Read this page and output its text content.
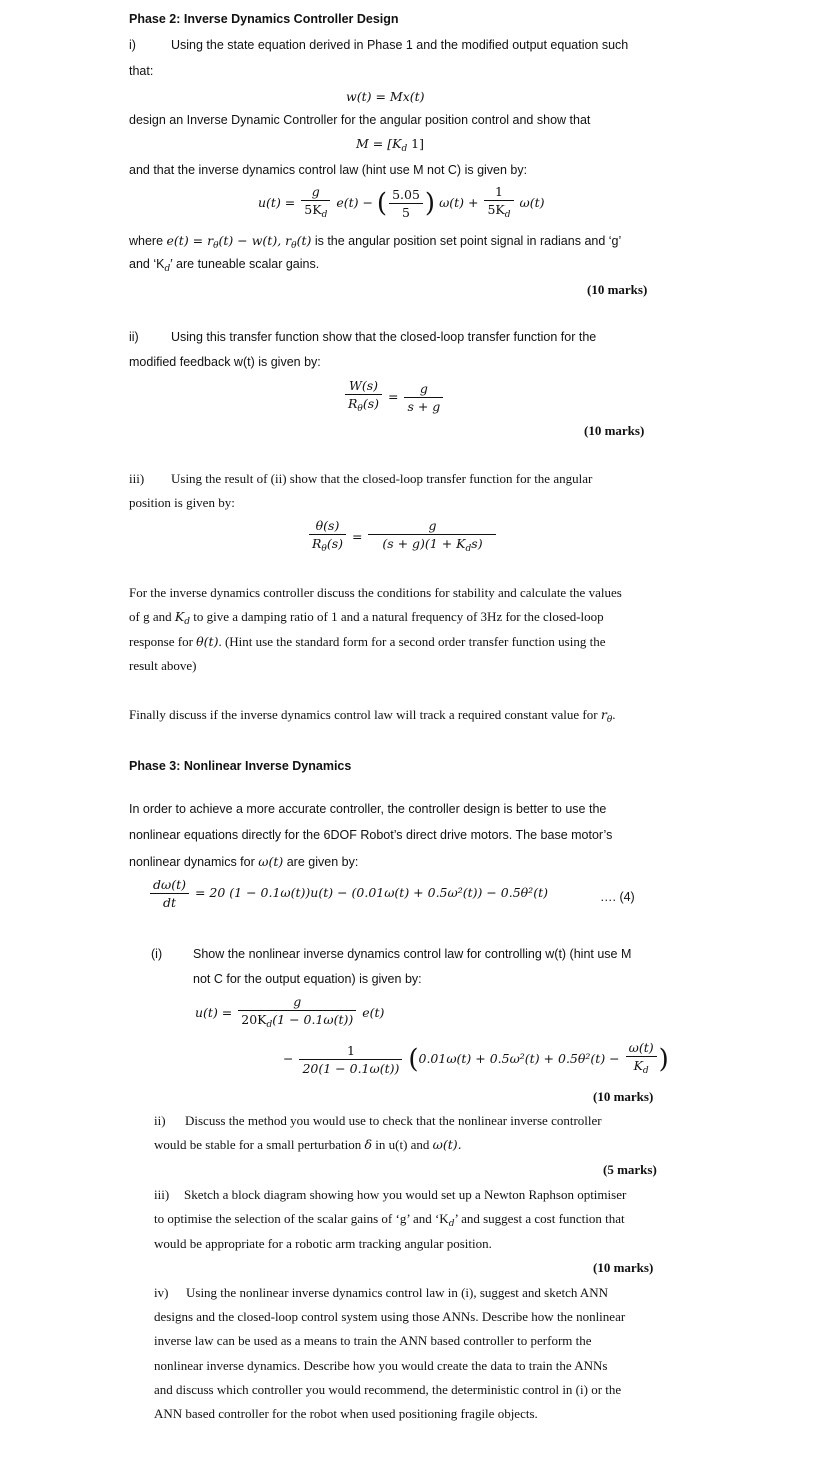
Phase 2: Inverse Dynamics Controller Design
i)	Using the state equation derived in Phase 1 and the modified output equation such
that:
w(t) = Mx(t)
design an Inverse Dynamic Controller for the angular position control and show that
$M = [K_d$ 1]
and that the inverse dynamics control law (hint use M not C) is given by:
$u(t) = \frac{g}{5K_d} e(t)$ − ( $\frac{5.05}{5}$ ) $\omega(t) + \frac{1}{5K_d} \omega(t)$
where $e(t) = r_\theta(t) - w(t)$, $r_\theta(t)$ is the angular position set point signal in radians and ‘g’
and ‘$K_d'$ are tuneable scalar gains.
(10 marks)
ii)	Using this transfer function show that the closed-loop transfer function for the
modified feedback w(t) is given by:
$\frac{W(s)}{R_\theta(s)} = \frac{g}{s + g}$
(10 marks)
iii) Using the result of (ii) show that the closed-loop transfer function for the angular
position is given by:
$\frac{\theta(s)}{R_\theta(s)} = \frac{g}{(s + g)(1 + K_ds)}$
For the inverse dynamics controller discuss the conditions for stability and calculate the values
of g and $K_d$ to give a damping ratio of 1 and a natural frequency of 3Hz for the closed-loop
response for θ(t). (Hint use the standard form for a second order transfer function using the
result above)
Finally discuss if the inverse dynamics control law will track a required constant value for $r_\theta$.
Phase 3: Nonlinear Inverse Dynamics
In order to achieve a more accurate controller, the controller design is better to use the
nonlinear equations directly for the 6DOF Robot’s direct drive motors. The base motor’s
nonlinear dynamics for ω(t) are given by:
$\frac{d\omega(t)}{dt} = 20$ (1 − 0.1ω(t))u(t) − (0.01ω(t) + 0.5ω²(t)) − 0.5θ²(t)	…. (4)
(i) Show the nonlinear inverse dynamics control law for controlling w(t) (hint use M
not C for the output equation) is given by:
$u(t) = \frac{g}{20K_d(1 - 0.1\omega(t))} e(t)$
− $\frac{1}{20(1 - 0.1\omega(t))} (0.01\omega(t) + 0.5\omega^2(t) + 0.5\theta^2(t) - \frac{\omega(t)}{K_d}$ )
(10 marks)
ii) Discuss the method you would use to check that the nonlinear inverse controller
would be stable for a small perturbation δ in u(t) and ω(t).
(5 marks)
iii) Sketch a block diagram showing how you would set up a Newton Raphson optimiser
to optimise the selection of the scalar gains of ‘g’ and ‘$K_d$’ and suggest a cost function that
would be appropriate for a robotic arm tracking angular position.
(10 marks)
iv) Using the nonlinear inverse dynamics control law in (i), suggest and sketch ANN
designs and the closed-loop control system using those ANNs. Describe how the nonlinear
inverse law can be used as a means to train the ANN based controller to perform the
nonlinear inverse dynamics. Describe how you would create the data to train the ANNs
and discuss which controller you would recommend, the deterministic control in (i) or the
ANN based controller for the robot when used positioning fragile objects.
